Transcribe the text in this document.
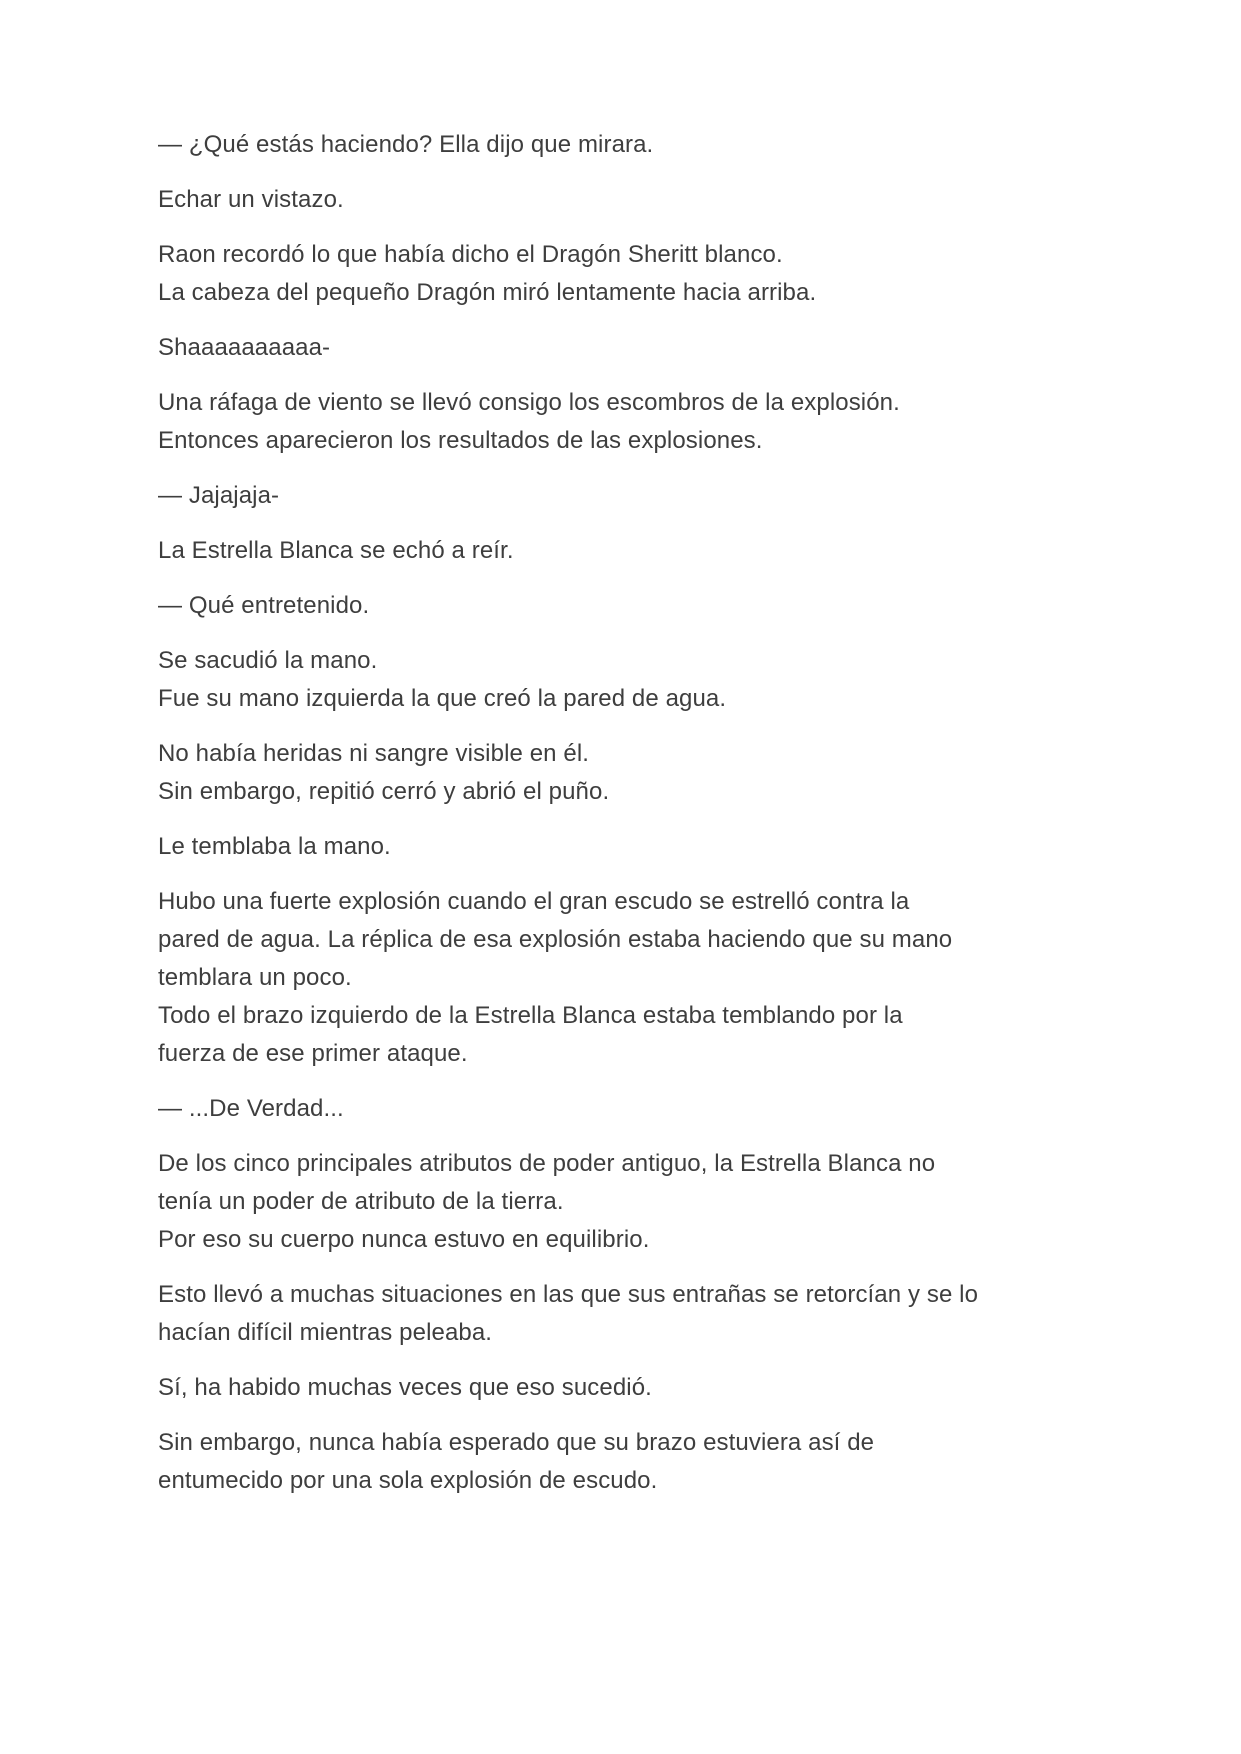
— ¿Qué estás haciendo? Ella dijo que mirara.

Echar un vistazo.

Raon recordó lo que había dicho el Dragón Sheritt blanco.
La cabeza del pequeño Dragón miró lentamente hacia arriba.

Shaaaaaaaaaa-

Una ráfaga de viento se llevó consigo los escombros de la explosión.
Entonces aparecieron los resultados de las explosiones.

— Jajajaja-

La Estrella Blanca se echó a reír.

— Qué entretenido.

Se sacudió la mano.
Fue su mano izquierda la que creó la pared de agua.

No había heridas ni sangre visible en él.
Sin embargo, repitió cerró y abrió el puño.

Le temblaba la mano.

Hubo una fuerte explosión cuando el gran escudo se estrelló contra la
pared de agua. La réplica de esa explosión estaba haciendo que su mano
temblara un poco.
Todo el brazo izquierdo de la Estrella Blanca estaba temblando por la
fuerza de ese primer ataque.

— ...De Verdad...

De los cinco principales atributos de poder antiguo, la Estrella Blanca no
tenía un poder de atributo de la tierra.
Por eso su cuerpo nunca estuvo en equilibrio.

Esto llevó a muchas situaciones en las que sus entrañas se retorcían y se lo
hacían difícil mientras peleaba.

Sí, ha habido muchas veces que eso sucedió.

Sin embargo, nunca había esperado que su brazo estuviera así de
entumecido por una sola explosión de escudo.
